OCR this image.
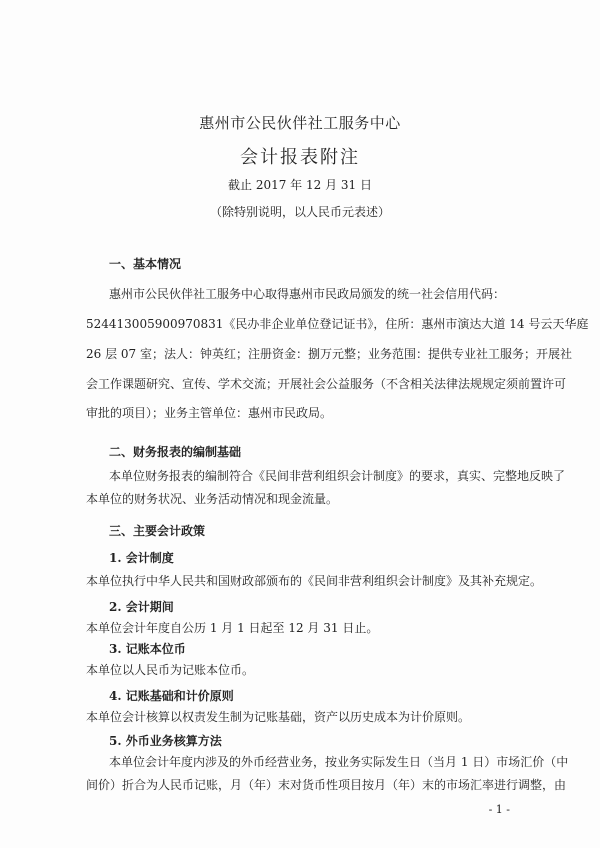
惠州市公民伙伴社工服务中心
会计报表附注
截止 2017 年 12 月 31 日
（除特别说明，以人民币元表述）
一、基本情况
惠州市公民伙伴社工服务中心取得惠州市民政局颁发的统一社会信用代码：
524413005900970831《民办非企业单位登记证书》，住所：惠州市演达大道 14 号云天华庭
26 层 07 室；法人：钟英红；注册资金：捌万元整；业务范围：提供专业社工服务；开展社
会工作课题研究、宣传、学术交流；开展社会公益服务（不含相关法律法规规定须前置许可
审批的项目）；业务主管单位：惠州市民政局。
二、财务报表的编制基础
本单位财务报表的编制符合《民间非营利组织会计制度》的要求，真实、完整地反映了
本单位的财务状况、业务活动情况和现金流量。
三、主要会计政策
1. 会计制度
本单位执行中华人民共和国财政部颁布的《民间非营利组织会计制度》及其补充规定。
2. 会计期间
本单位会计年度自公历 1 月 1 日起至 12 月 31 日止。
3. 记账本位币
本单位以人民币为记账本位币。
4. 记账基础和计价原则
本单位会计核算以权责发生制为记账基础，资产以历史成本为计价原则。
5. 外币业务核算方法
本单位会计年度内涉及的外币经营业务，按业务实际发生日（当月 1 日）市场汇价（中
间价）折合为人民币记账，月（年）末对货币性项目按月（年）末的市场汇率进行调整，由
- 1 -
